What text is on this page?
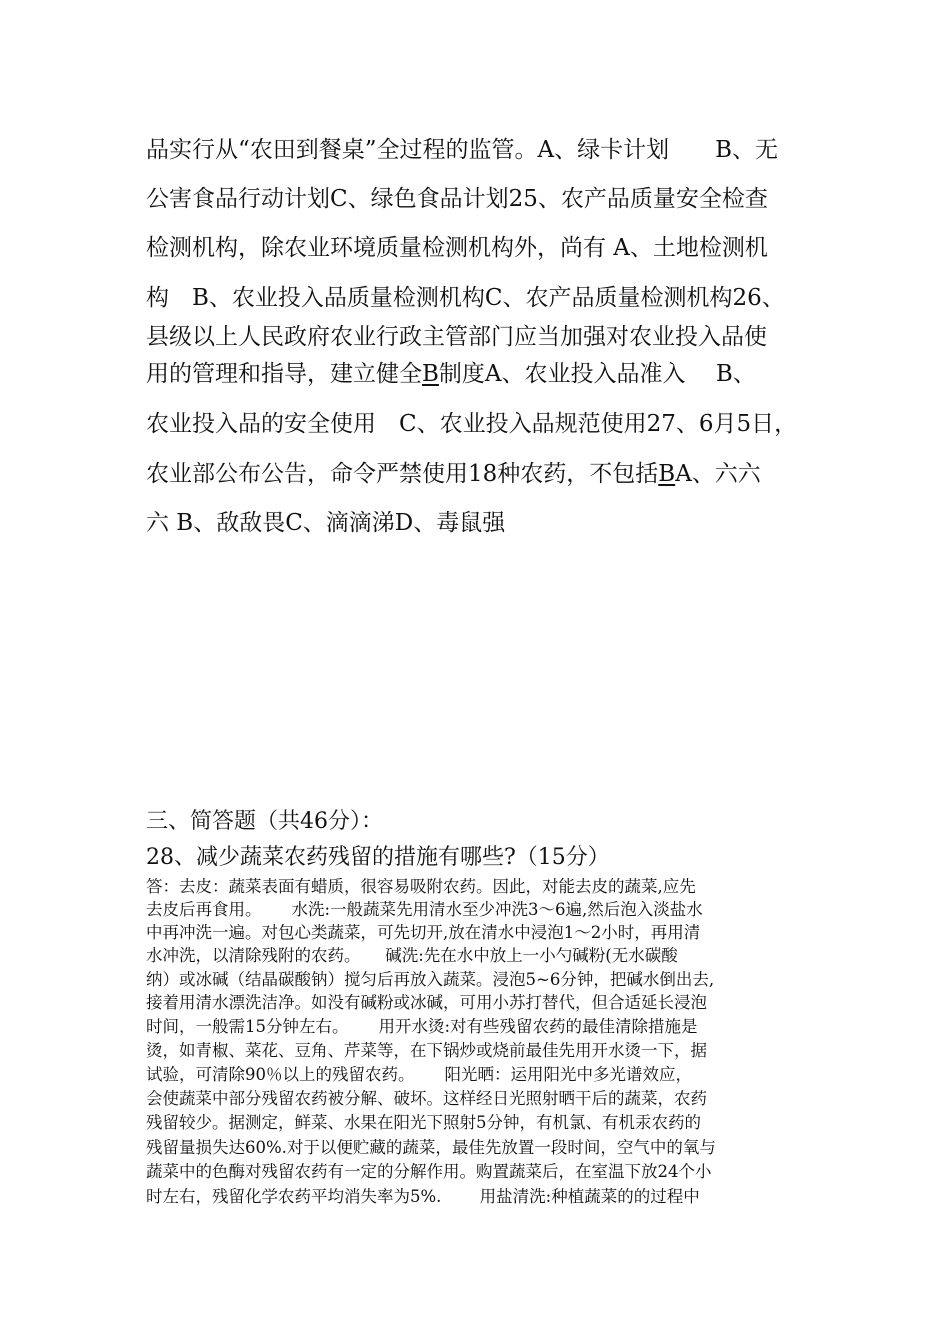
品实行从“农田到餐桌”全过程的监管。A、绿卡计划　　B、无
公害食品行动计划C、绿色食品计划25、农产品质量安全检查
检测机构，除农业环境质量检测机构外，尚有 A、土地检测机
构　B、农业投入品质量检测机构C、农产品质量检测机构26、
县级以上人民政府农业行政主管部门应当加强对农业投入品使
用的管理和指导，建立健全B制度A、农业投入品准入　 B、
农业投入品的安全使用　C、农业投入品规范使用27、6月5日，
农业部公布公告，命令严禁使用18种农药，不包括BA、六六
六 B、敌敌畏C、滴滴涕D、毒鼠强
三、简答题（共46分）：
28、减少蔬菜农药残留的措施有哪些?（15分）
答：去皮：蔬菜表面有蜡质，很容易吸附农药。因此，对能去皮的蔬菜,应先
去皮后再食用。　　 水洗:一般蔬菜先用清水至少冲洗3～6遍,然后泡入淡盐水
中再冲洗一遍。对包心类蔬菜，可先切开,放在清水中浸泡1～2小时，再用清
水冲洗，以清除残附的农药。　　碱洗:先在水中放上一小勺碱粉(无水碳酸
纳）或冰碱（结晶碳酸钠）搅匀后再放入蔬菜。浸泡5~6分钟，把碱水倒出去,
接着用清水漂洗洁净。如没有碱粉或冰碱，可用小苏打替代，但合适延长浸泡
时间，一般需15分钟左右。　　 用开水烫:对有些残留农药的最佳清除措施是
烫，如青椒、菜花、豆角、芹菜等，在下锅炒或烧前最佳先用开水烫一下，据
试验，可清除90％以上的残留农药。　　 阳光晒：运用阳光中多光谱效应，
会使蔬菜中部分残留农药被分解、破坏。这样经日光照射晒干后的蔬菜，农药
残留较少。据测定，鲜菜、水果在阳光下照射5分钟，有机氯、有机汞农药的
残留量损失达60%.对于以便贮藏的蔬菜，最佳先放置一段时间，空气中的氧与
蔬菜中的色酶对残留农药有一定的分解作用。购置蔬菜后，在室温下放24个小
时左右，残留化学农药平均消失率为5%.　　 用盐清洗:种植蔬菜的的过程中
